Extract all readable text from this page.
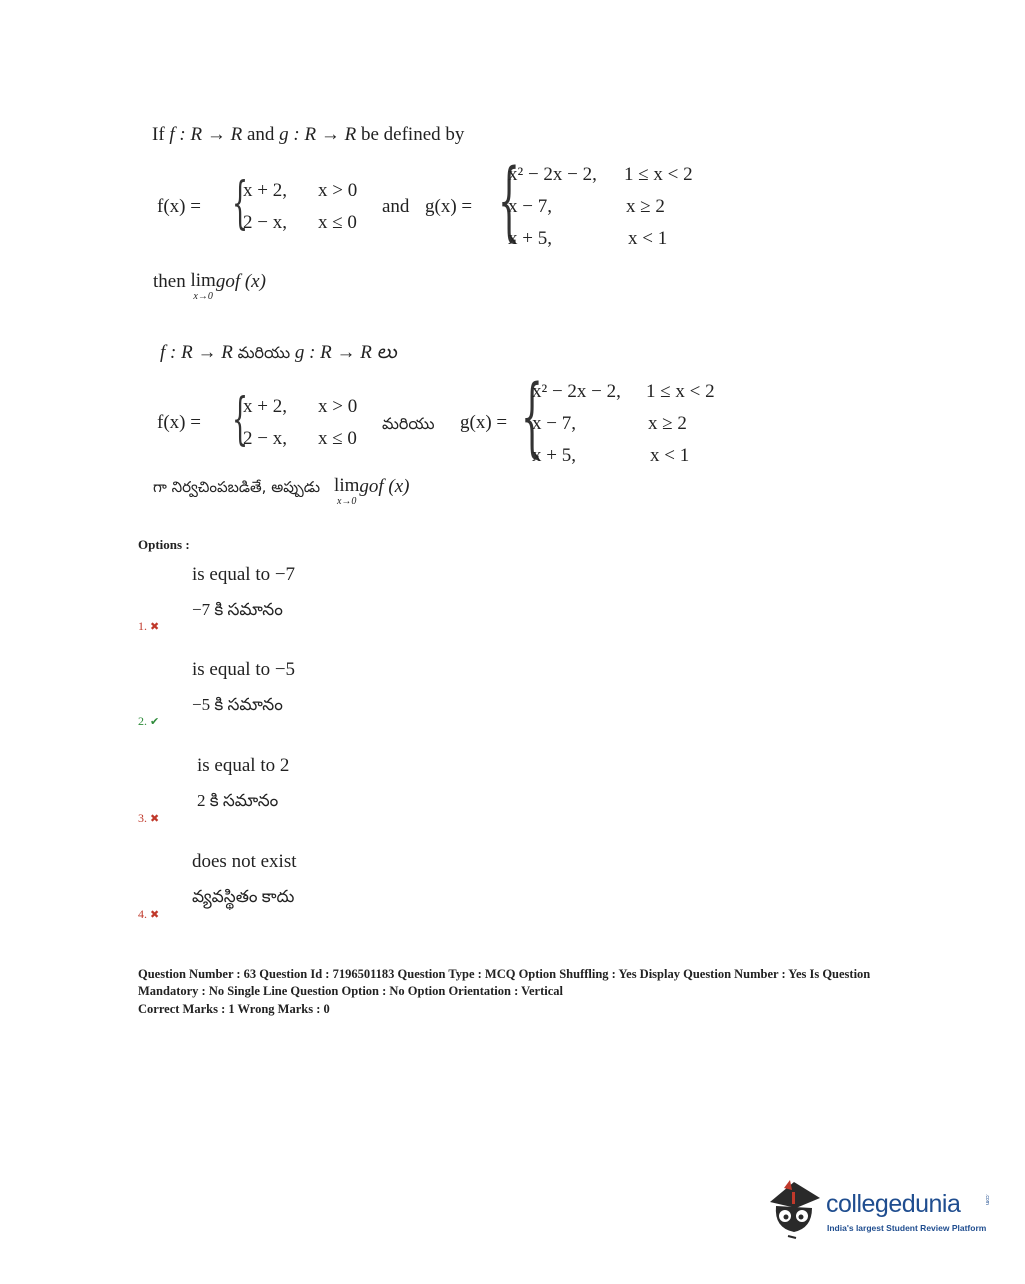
If f : R → R and g : R → R be defined by
f(x) = {
x + 2, x > 0
2 − x, x ≤ 0
and g(x) = {
x² − 2x − 2, 1 ≤ x < 2
x − 7,	x ≥ 2
x + 5,	x < 1
then lim
x→0
gof (x)
f : R → R మరియు g : R → R లు
f(x) = {
x + 2, x > 0
2 − x, x ≤ 0
మరియు g(x) = {
x² − 2x − 2, 1 ≤ x < 2
x − 7,	x ≥ 2
x + 5,	x < 1
గా నిర్వచింపబడితే, అప్పుడు lim
x→0
gof (x)
Options :
is equal to −7
−7 కి సమానం
1. ✖
is equal to −5
−5 కి సమానం
2. ✔
is equal to 2
2 కి సమానం
3. ✖
does not exist
వ్యవస్థితం కాదు
4. ✖
Question Number : 63 Question Id : 7196501183 Question Type : MCQ Option Shuffling : Yes Display Question Number : Yes Is Question Mandatory : No Single Line Question Option : No Option Orientation : Vertical
Correct Marks : 1 Wrong Marks : 0
collegedunia	.com
India's largest Student Review Platform
